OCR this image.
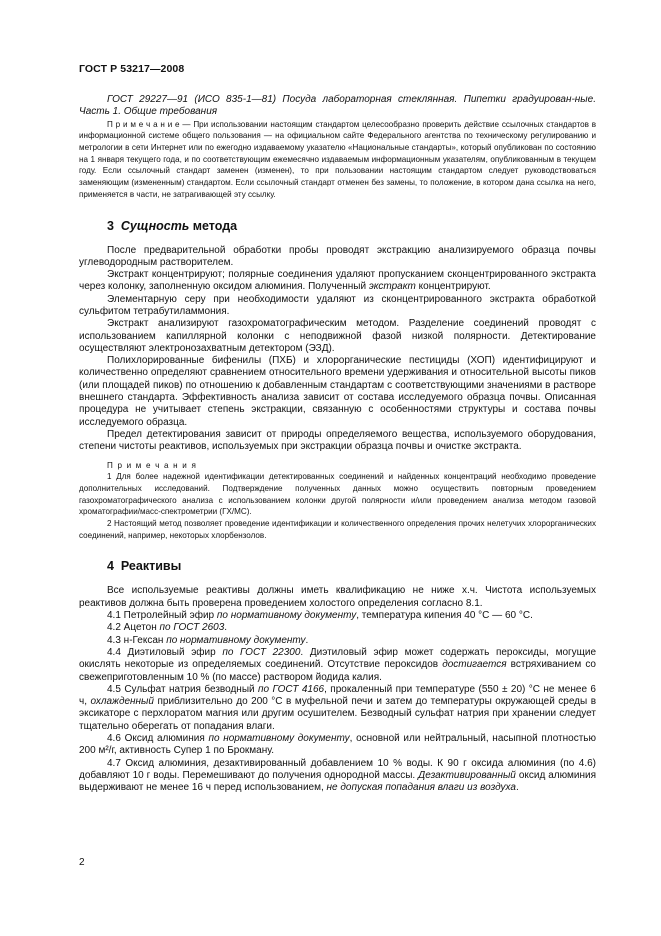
ГОСТ Р 53217—2008

ГОСТ 29227—91 (ИСО 835-1—81) Посуда лабораторная стеклянная. Пипетки градуирован-ные. Часть 1. Общие требования

П р и м е ч а н и е — При использовании настоящим стандартом целесообразно проверить действие ссылочных стандартов в информационной системе общего пользования — на официальном сайте Федерального агентства по техническому регулированию и метрологии в сети Интернет или по ежегодно издаваемому указателю «Национальные стандарты», который опубликован по состоянию на 1 января текущего года, и по соответствующим ежемесячно издаваемым информационным указателям, опубликованным в текущем году. Если ссылочный стандарт заменен (изменен), то при пользовании настоящим стандартом следует руководствоваться заменяющим (измененным) стандартом. Если ссылочный стандарт отменен без замены, то положение, в котором дана ссылка на него, применяется в части, не затрагивающей эту ссылку.

3 Сущность метода

После предварительной обработки пробы проводят экстракцию анализируемого образца почвы углеводородным растворителем.

Экстракт концентрируют; полярные соединения удаляют пропусканием сконцентрированного экстракта через колонку, заполненную оксидом алюминия. Полученный экстракт концентрируют.

Элементарную серу при необходимости удаляют из сконцентрированного экстракта обработкой сульфитом тетрабутиламмония.

Экстракт анализируют газохроматографическим методом. Разделение соединений проводят с использованием капиллярной колонки с неподвижной фазой низкой полярности. Детектирование осуществляют электронозахватным детектором (ЭЗД).

Полихлорированные бифенилы (ПХБ) и хлорорганические пестициды (ХОП) идентифицируют и количественно определяют сравнением относительного времени удерживания и относительной высоты пиков (или площадей пиков) по отношению к добавленным стандартам с соответствующими значениями в растворе внешнего стандарта. Эффективность анализа зависит от состава исследуемого образца почвы. Описанная процедура не учитывает степень экстракции, связанную с особенностями структуры и состава почвы исследуемого образца.

Предел детектирования зависит от природы определяемого вещества, используемого оборудования, степени чистоты реактивов, используемых при экстракции образца почвы и очистке экстракта.

П р и м е ч а н и я

1 Для более надежной идентификации детектированных соединений и найденных концентраций необходимо проведение дополнительных исследований. Подтверждение полученных данных можно осуществить повторным проведением газохроматографического анализа с использованием колонки другой полярности и/или проведением анализа методом газовой хроматографии/масс-спектрометрии (ГХ/МС).

2 Настоящий метод позволяет проведение идентификации и количественного определения прочих нелетучих хлорорганических соединений, например, некоторых хлорбензолов.

4 Реактивы

Все используемые реактивы должны иметь квалификацию не ниже х.ч. Чистота используемых реактивов должна быть проверена проведением холостого определения согласно 8.1.

4.1 Петролейный эфир по нормативному документу, температура кипения 40 °С — 60 °С.

4.2 Ацетон по ГОСТ 2603.

4.3 н-Гексан по нормативному документу.

4.4 Диэтиловый эфир по ГОСТ 22300. Диэтиловый эфир может содержать пероксиды, могущие окислять некоторые из определяемых соединений. Отсутствие пероксидов достигается встряхиванием со свежеприготовленным 10 % (по массе) раствором йодида калия.

4.5 Сульфат натрия безводный по ГОСТ 4166, прокаленный при температуре (550 ± 20) °С не менее 6 ч, охлажденный приблизительно до 200 °С в муфельной печи и затем до температуры окружающей среды в эксикаторе с перхлоратом магния или другим осушителем. Безводный сульфат натрия при хранении следует тщательно оберегать от попадания влаги.

4.6 Оксид алюминия по нормативному документу, основной или нейтральный, насыпной плотностью 200 м²/г, активность Супер 1 по Брокману.

4.7 Оксид алюминия, дезактивированный добавлением 10 % воды. К 90 г оксида алюминия (по 4.6) добавляют 10 г воды. Перемешивают до получения однородной массы. Дезактивированный оксид алюминия выдерживают не менее 16 ч перед использованием, не допуская попадания влаги из воздуха.

2
